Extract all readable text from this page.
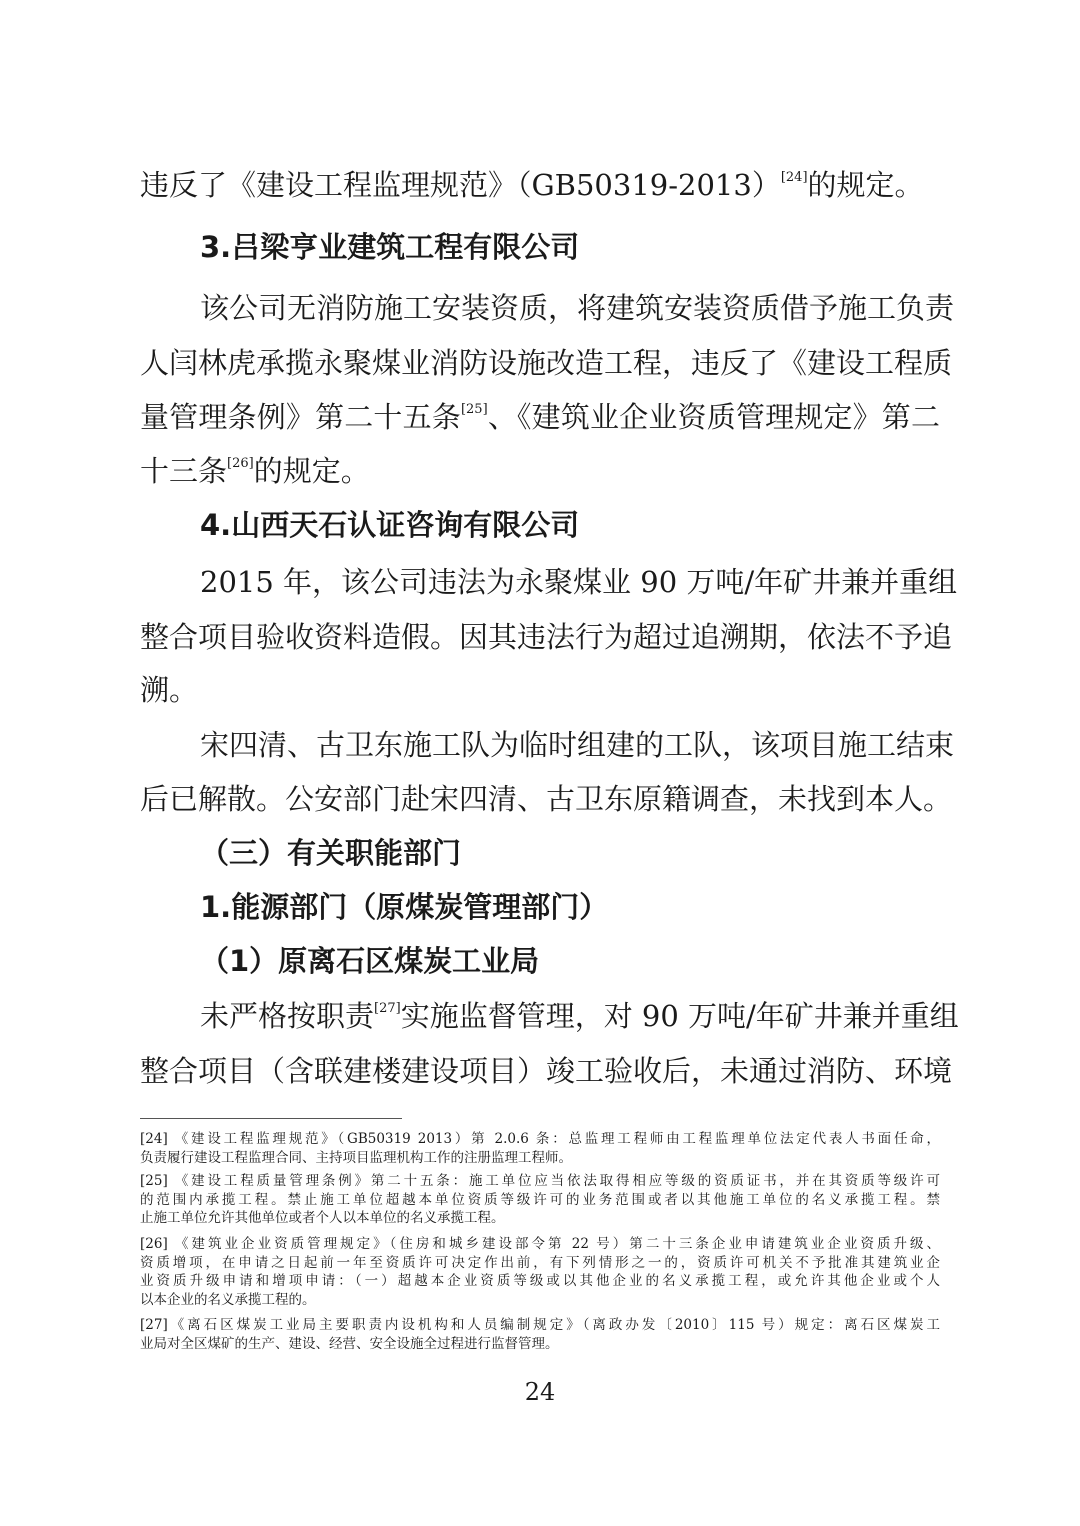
违反了《建设工程监理规范》（GB50319-2013）[24]的规定。
3.吕梁亨业建筑工程有限公司
该公司无消防施工安装资质，将建筑安装资质借予施工负责
人闫林虎承揽永聚煤业消防设施改造工程，违反了《建设工程质
量管理条例》第二十五条[25]、《建筑业企业资质管理规定》第二
十三条[26]的规定。
4.山西天石认证咨询有限公司
2015 年，该公司违法为永聚煤业 90 万吨/年矿井兼并重组
整合项目验收资料造假。因其违法行为超过追溯期，依法不予追
溯。
宋四清、古卫东施工队为临时组建的工队，该项目施工结束
后已解散。公安部门赴宋四清、古卫东原籍调查，未找到本人。
（三）有关职能部门
1.能源部门（原煤炭管理部门）
（1）原离石区煤炭工业局
未严格按职责[27]实施监督管理，对 90 万吨/年矿井兼并重组
整合项目（含联建楼建设项目）竣工验收后，未通过消防、环境
[24] 《建设工程监理规范》（GB50319 2013）第 2.0.6 条：总监理工程师由工程监理单位法定代表人书面任命，
负责履行建设工程监理合同、主持项目监理机构工作的注册监理工程师。
[25] 《建设工程质量管理条例》第二十五条：施工单位应当依法取得相应等级的资质证书，并在其资质等级许可
的范围内承揽工程。禁止施工单位超越本单位资质等级许可的业务范围或者以其他施工单位的名义承揽工程。禁
止施工单位允许其他单位或者个人以本单位的名义承揽工程。
[26] 《建筑业企业资质管理规定》（住房和城乡建设部令第 22 号）第二十三条企业申请建筑业企业资质升级、
资质增项，在申请之日起前一年至资质许可决定作出前，有下列情形之一的，资质许可机关不予批准其建筑业企
业资质升级申请和增项申请：（一）超越本企业资质等级或以其他企业的名义承揽工程，或允许其他企业或个人
以本企业的名义承揽工程的。
[27]《离石区煤炭工业局主要职责内设机构和人员编制规定》（离政办发〔2010〕115 号）规定：离石区煤炭工
业局对全区煤矿的生产、建设、经营、安全设施全过程进行监督管理。
24
